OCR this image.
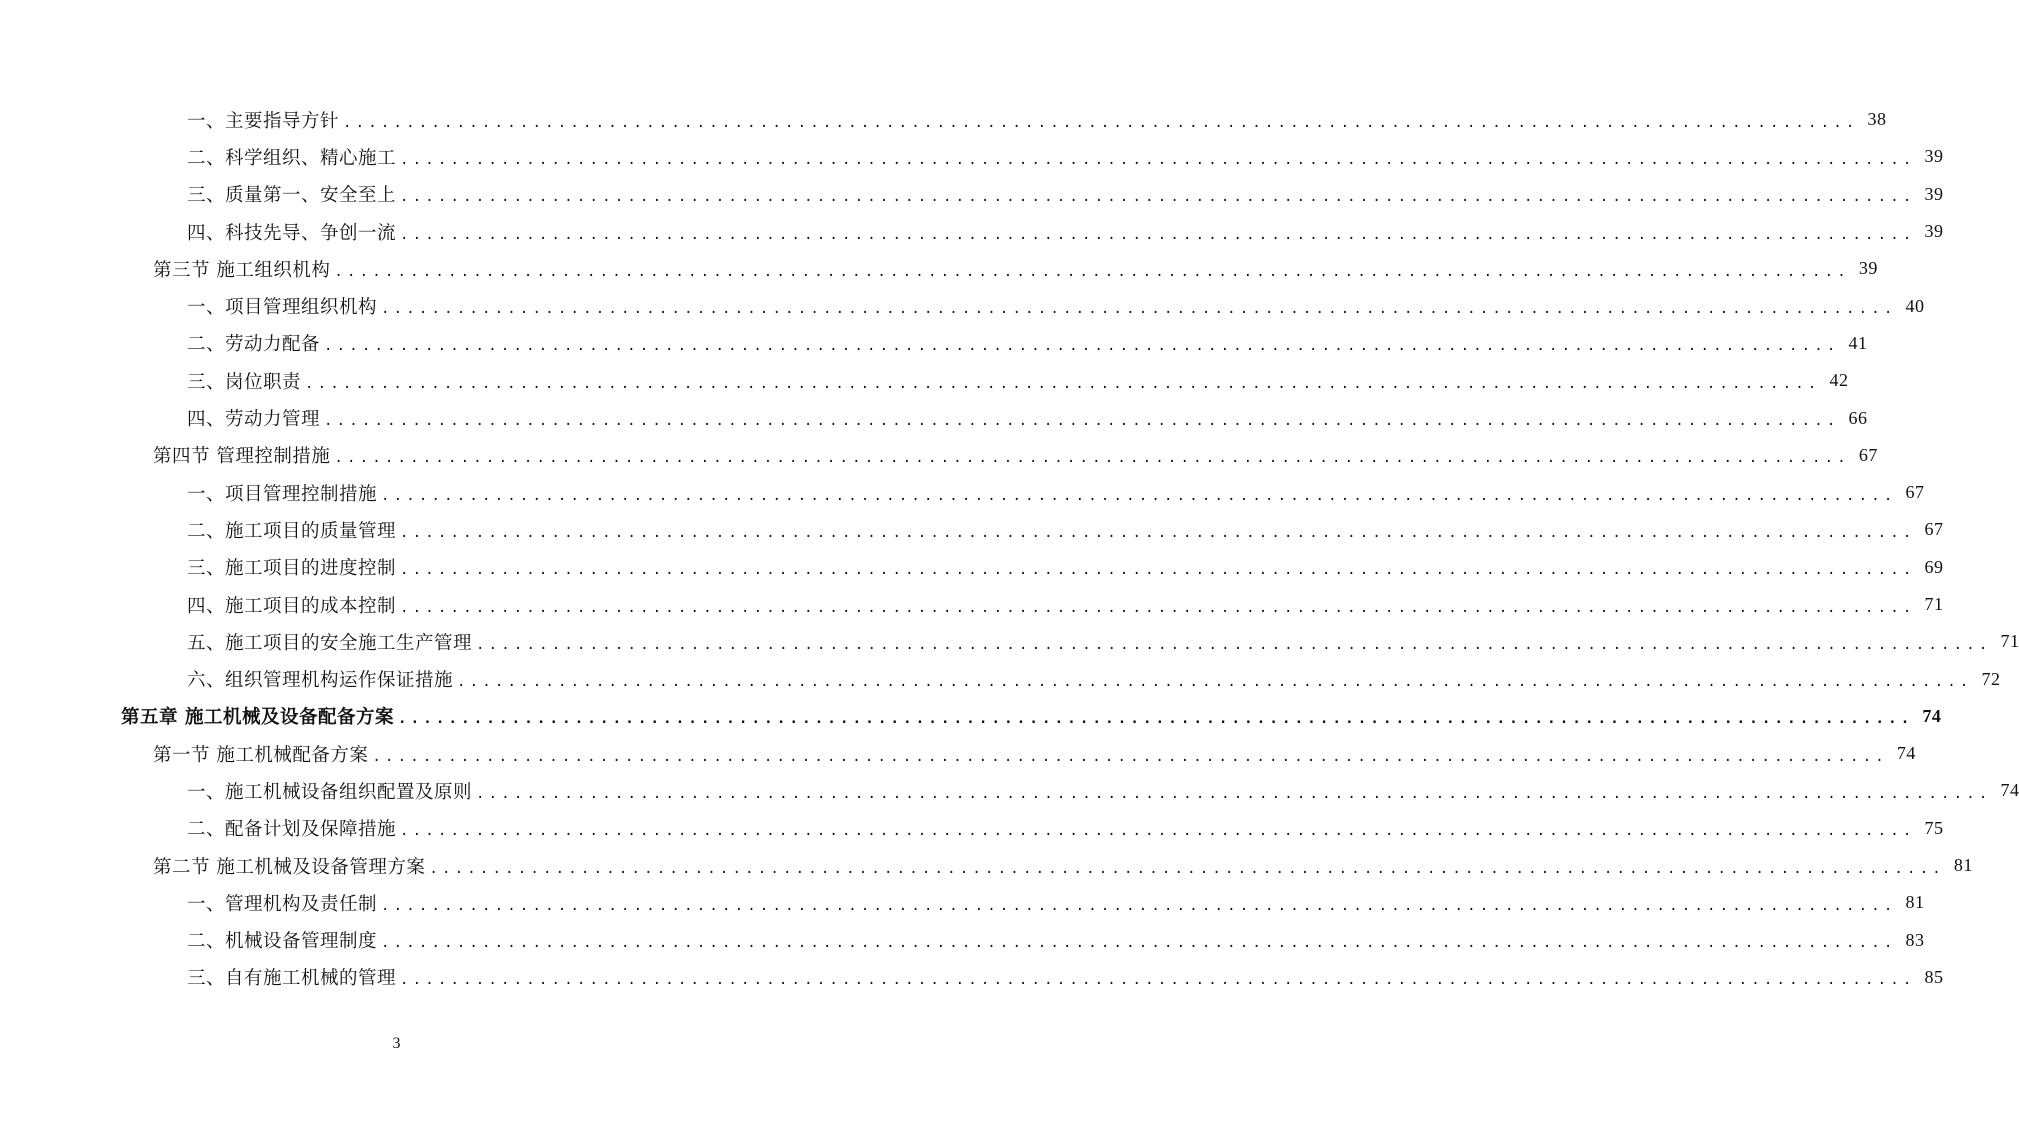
一、主要指导方针 ........................................................................................................................ 38
二、科学组织、精心施工 ........................................................................................................................ 39
三、质量第一、安全至上 ........................................................................................................................ 39
四、科技先导、争创一流 ........................................................................................................................ 39
第三节 施工组织机构 ........................................................................................................................ 39
一、项目管理组织机构 ........................................................................................................................ 40
二、劳动力配备 ........................................................................................................................ 41
三、岗位职责 ........................................................................................................................ 42
四、劳动力管理 ........................................................................................................................ 66
第四节 管理控制措施 ........................................................................................................................ 67
一、项目管理控制措施 ........................................................................................................................ 67
二、施工项目的质量管理 ........................................................................................................................ 67
三、施工项目的进度控制 ........................................................................................................................ 69
四、施工项目的成本控制 ........................................................................................................................ 71
五、施工项目的安全施工生产管理 ........................................................................................................................ 71
六、组织管理机构运作保证措施 ........................................................................................................................ 72
第五章 施工机械及设备配备方案 ........................................................................................................................ 74
第一节 施工机械配备方案 ........................................................................................................................ 74
一、施工机械设备组织配置及原则 ........................................................................................................................ 74
二、配备计划及保障措施 ........................................................................................................................ 75
第二节 施工机械及设备管理方案 ........................................................................................................................ 81
一、管理机构及责任制 ........................................................................................................................ 81
二、机械设备管理制度 ........................................................................................................................ 83
三、自有施工机械的管理 ........................................................................................................................ 85
3
